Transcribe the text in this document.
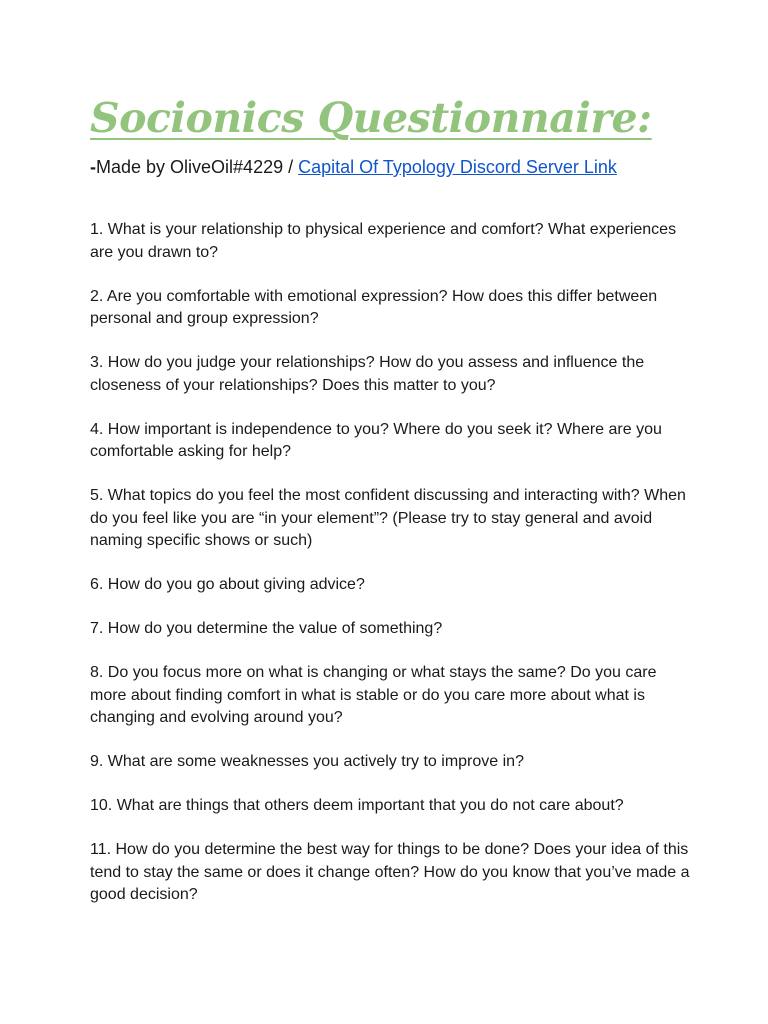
Socionics Questionnaire:
-Made by OliveOil#4229 / Capital Of Typology Discord Server Link
1. What is your relationship to physical experience and comfort? What experiences are you drawn to?
2. Are you comfortable with emotional expression? How does this differ between personal and group expression?
3. How do you judge your relationships? How do you assess and influence the closeness of your relationships? Does this matter to you?
4. How important is independence to you? Where do you seek it? Where are you comfortable asking for help?
5. What topics do you feel the most confident discussing and interacting with? When do you feel like you are “in your element”? (Please try to stay general and avoid naming specific shows or such)
6. How do you go about giving advice?
7. How do you determine the value of something?
8. Do you focus more on what is changing or what stays the same? Do you care more about finding comfort in what is stable or do you care more about what is changing and evolving around you?
9. What are some weaknesses you actively try to improve in?
10. What are things that others deem important that you do not care about?
11. How do you determine the best way for things to be done? Does your idea of this tend to stay the same or does it change often? How do you know that you’ve made a good decision?
